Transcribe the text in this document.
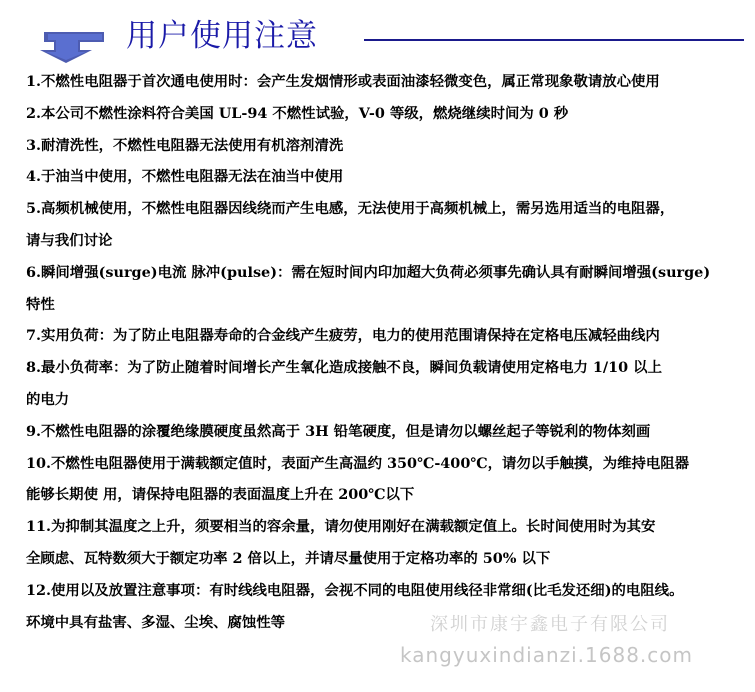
用户使用注意
1.不燃性电阻器于首次通电使用时：会产生发烟情形或表面油漆轻微变色，属正常现象敬请放心使用
2.本公司不燃性涂料符合美国 UL-94 不燃性试验，V-0 等级，燃烧继续时间为 0 秒
3.耐清洗性，不燃性电阻器无法使用有机溶剂清洗
4.于油当中使用，不燃性电阻器无法在油当中使用
5.高频机械使用，不燃性电阻器因线绕而产生电感，无法使用于高频机械上，需另选用适当的电阻器，
请与我们讨论
6.瞬间增强(surge)电流 脉冲(pulse)：需在短时间内印加超大负荷必须事先确认具有耐瞬间增强(surge)
特性
7.实用负荷：为了防止电阻器寿命的合金线产生疲劳，电力的使用范围请保持在定格电压减轻曲线内
8.最小负荷率：为了防止随着时间增长产生氧化造成接触不良，瞬间负载请使用定格电力 1/10 以上
的电力
9.不燃性电阻器的涂覆绝缘膜硬度虽然高于 3H 铅笔硬度，但是请勿以螺丝起子等锐利的物体刻画
10.不燃性电阻器使用于满载额定值时，表面产生高温约 350℃-400℃，请勿以手触摸，为维持电阻器
能够长期使 用，请保持电阻器的表面温度上升在 200℃以下
11.为抑制其温度之上升，须要相当的容余量，请勿使用刚好在满载额定值上。长时间使用时为其安
全顾虑、瓦特数须大于额定功率 2 倍以上，并请尽量使用于定格功率的 50% 以下
12.使用以及放置注意事项：有时线线电阻器，会视不同的电阻使用线径非常细(比毛发还细)的电阻线。
环境中具有盐害、多湿、尘埃、腐蚀性等	深圳市康宇鑫电子有限公司
kangyuxindianzi.1688.com
